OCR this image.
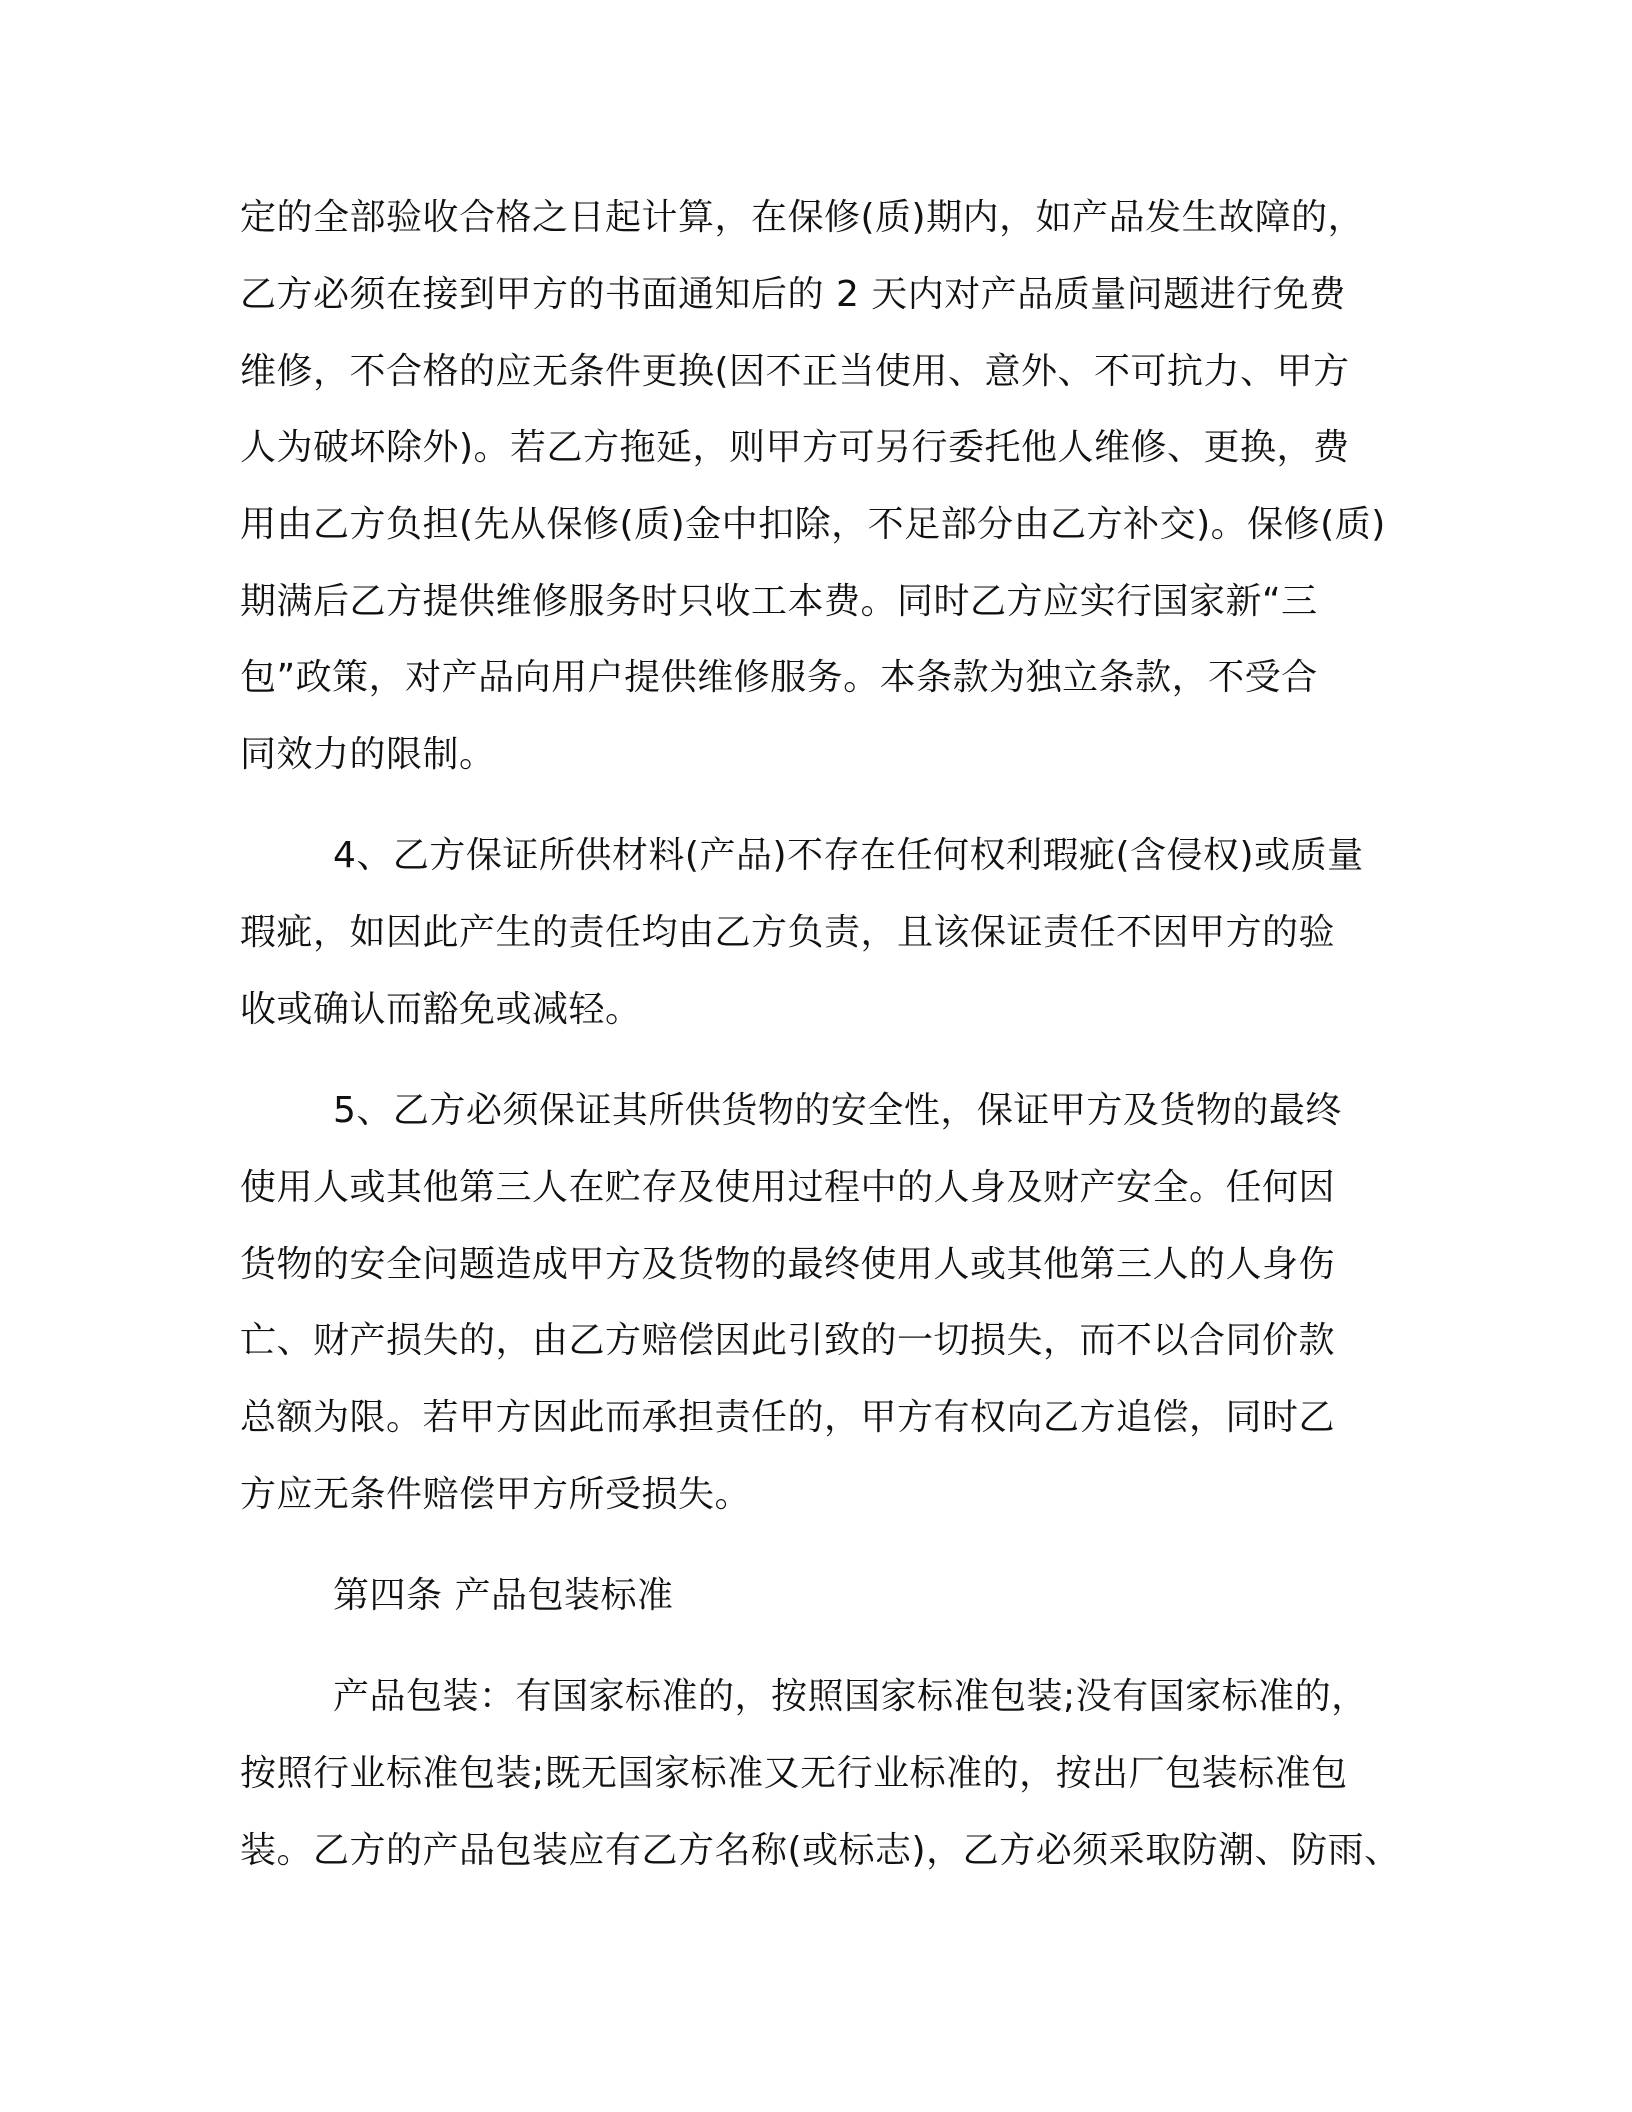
定的全部验收合格之日起计算，在保修(质)期内，如产品发生故障的，
乙方必须在接到甲方的书面通知后的 2 天内对产品质量问题进行免费
维修，不合格的应无条件更换(因不正当使用、意外、不可抗力、甲方
人为破坏除外)。若乙方拖延，则甲方可另行委托他人维修、更换，费
用由乙方负担(先从保修(质)金中扣除，不足部分由乙方补交)。保修(质)
期满后乙方提供维修服务时只收工本费。同时乙方应实行国家新“三
包”政策，对产品向用户提供维修服务。本条款为独立条款，不受合
同效力的限制。
4、乙方保证所供材料(产品)不存在任何权利瑕疵(含侵权)或质量
瑕疵，如因此产生的责任均由乙方负责，且该保证责任不因甲方的验
收或确认而豁免或减轻。
5、乙方必须保证其所供货物的安全性，保证甲方及货物的最终
使用人或其他第三人在贮存及使用过程中的人身及财产安全。任何因
货物的安全问题造成甲方及货物的最终使用人或其他第三人的人身伤
亡、财产损失的，由乙方赔偿因此引致的一切损失，而不以合同价款
总额为限。若甲方因此而承担责任的，甲方有权向乙方追偿，同时乙
方应无条件赔偿甲方所受损失。
第四条 产品包装标准
产品包装：有国家标准的，按照国家标准包装;没有国家标准的，
按照行业标准包装;既无国家标准又无行业标准的，按出厂包装标准包
装。乙方的产品包装应有乙方名称(或标志)，乙方必须采取防潮、防雨、
